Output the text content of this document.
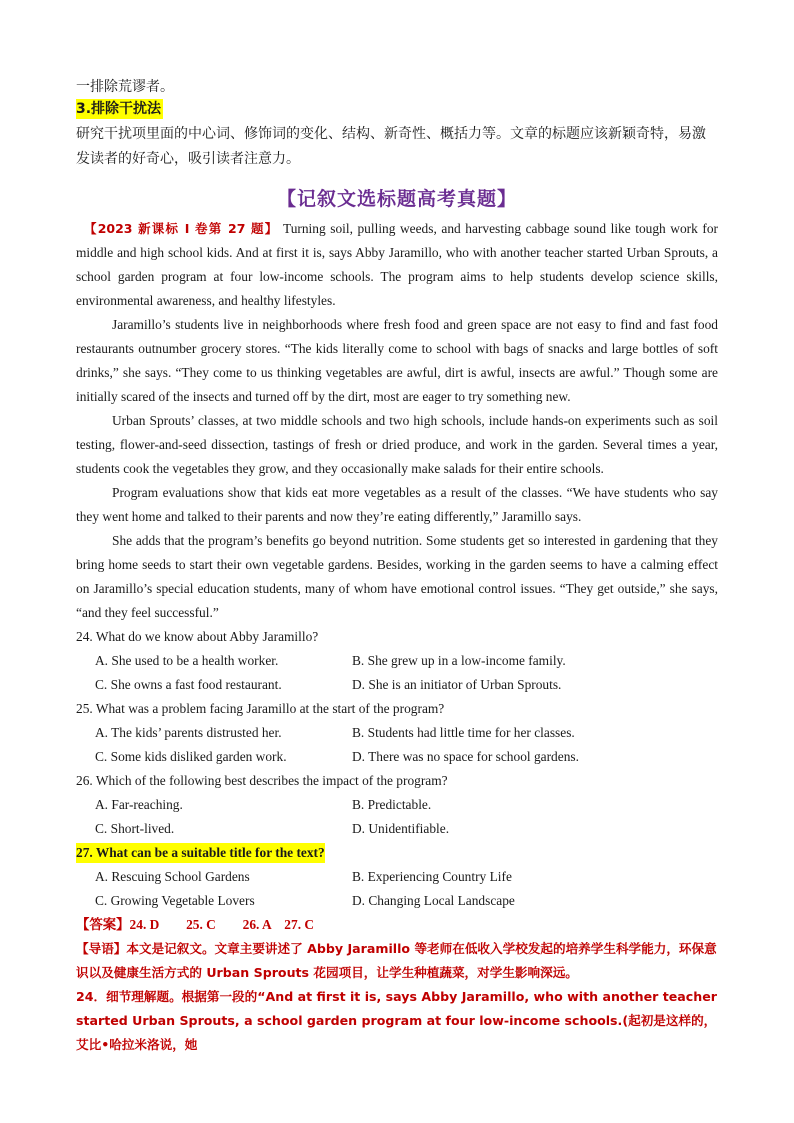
一排除荒谬者。
3.排除干扰法
研究干扰项里面的中心词、修饰词的变化、结构、新奇性、概括力等。文章的标题应该新颖奇特，易激发读者的好奇心，吸引读者注意力。
【记叙文选标题高考真题】

【2023 新课标 I 卷第 27 题】 Turning soil, pulling weeds, and harvesting cabbage sound like tough work for middle and high school kids. And at first it is, says Abby Jaramillo, who with another teacher started Urban Sprouts, a school garden program at four low-income schools. The program aims to help students develop science skills, environmental awareness, and healthy lifestyles.

Jaramillo’s students live in neighborhoods where fresh food and green space are not easy to find and fast food restaurants outnumber grocery stores. “The kids literally come to school with bags of snacks and large bottles of soft drinks,” she says. “They come to us thinking vegetables are awful, dirt is awful, insects are awful.” Though some are initially scared of the insects and turned off by the dirt, most are eager to try something new.

Urban Sprouts’ classes, at two middle schools and two high schools, include hands-on experiments such as soil testing, flower-and-seed dissection, tastings of fresh or dried produce, and work in the garden. Several times a year, students cook the vegetables they grow, and they occasionally make salads for their entire schools.

Program evaluations show that kids eat more vegetables as a result of the classes. “We have students who say they went home and talked to their parents and now they’re eating differently,” Jaramillo says.

She adds that the program’s benefits go beyond nutrition. Some students get so interested in gardening that they bring home seeds to start their own vegetable gardens. Besides, working in the garden seems to have a calming effect on Jaramillo’s special education students, many of whom have emotional control issues. “They get outside,” she says, “and they feel successful.”

24. What do we know about Abby Jaramillo?
A. She used to be a health worker.	B. She grew up in a low-income family.
C. She owns a fast food restaurant.	D. She is an initiator of Urban Sprouts.
25. What was a problem facing Jaramillo at the start of the program?
A. The kids’ parents distrusted her.	B. Students had little time for her classes.
C. Some kids disliked garden work.	D. There was no space for school gardens.
26. Which of the following best describes the impact of the program?
A. Far-reaching.	B. Predictable.
C. Short-lived.	D. Unidentifiable.
27. What can be a suitable title for the text?
A. Rescuing School Gardens	B. Experiencing Country Life
C. Growing Vegetable Lovers	D. Changing Local Landscape
【答案】24. D　　25. C　　26. A　27. C
【导语】本文是记叙文。文章主要讲述了 Abby Jaramillo 等老师在低收入学校发起的培养学生科学能力，环保意识以及健康生活方式的 Urban Sprouts 花园项目，让学生种植蔬菜，对学生影响深远。
24．细节理解题。根据第一段的“And at first it is, says Abby Jaramillo, who with another teacher started Urban Sprouts, a school garden program at four low-income schools.(起初是这样的，艾比•哈拉米洛说，她
